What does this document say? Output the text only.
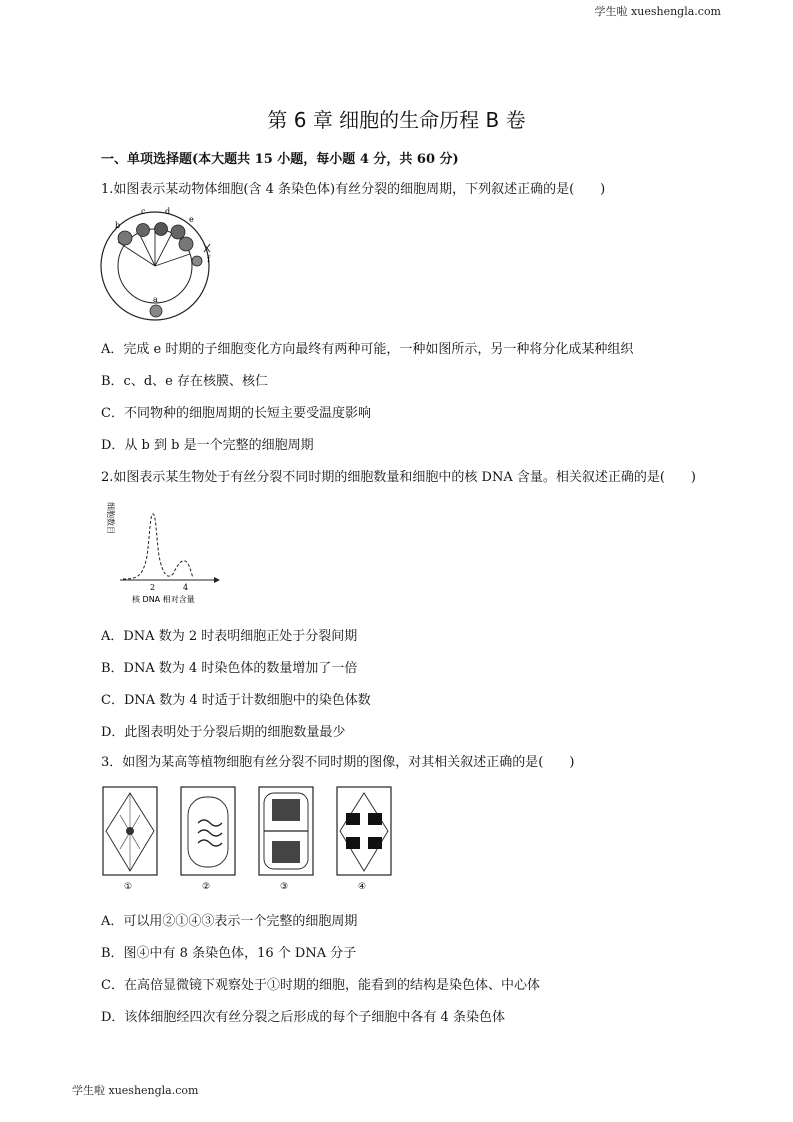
学生啦 xueshengla.com
第 6 章 细胞的生命历程 B 卷
一、单项选择题(本大题共 15 小题，每小题 4 分，共 60 分)
1.如图表示某动物体细胞(含 4 条染色体)有丝分裂的细胞周期，下列叙述正确的是(　　)
b
c d
e
f
a
A．完成 e 时期的子细胞变化方向最终有两种可能，一种如图所示，另一种将分化成某种组织
B．c、d、e 存在核膜、核仁
C．不同物种的细胞周期的长短主要受温度影响
D．从 b 到 b 是一个完整的细胞周期
2.如图表示某生物处于有丝分裂不同时期的细胞数量和细胞中的核 DNA 含量。相关叙述正确的是(　　)
细胞数目
2	4
核 DNA 相对含量
A．DNA 数为 2 时表明细胞正处于分裂间期
B．DNA 数为 4 时染色体的数量增加了一倍
C．DNA 数为 4 时适于计数细胞中的染色体数
D．此图表明处于分裂后期的细胞数量最少
3．如图为某高等植物细胞有丝分裂不同时期的图像，对其相关叙述正确的是(　　)
①	②	③	④
A．可以用②①④③表示一个完整的细胞周期
B．图④中有 8 条染色体，16 个 DNA 分子
C．在高倍显微镜下观察处于①时期的细胞，能看到的结构是染色体、中心体
D．该体细胞经四次有丝分裂之后形成的每个子细胞中各有 4 条染色体
学生啦 xueshengla.com
